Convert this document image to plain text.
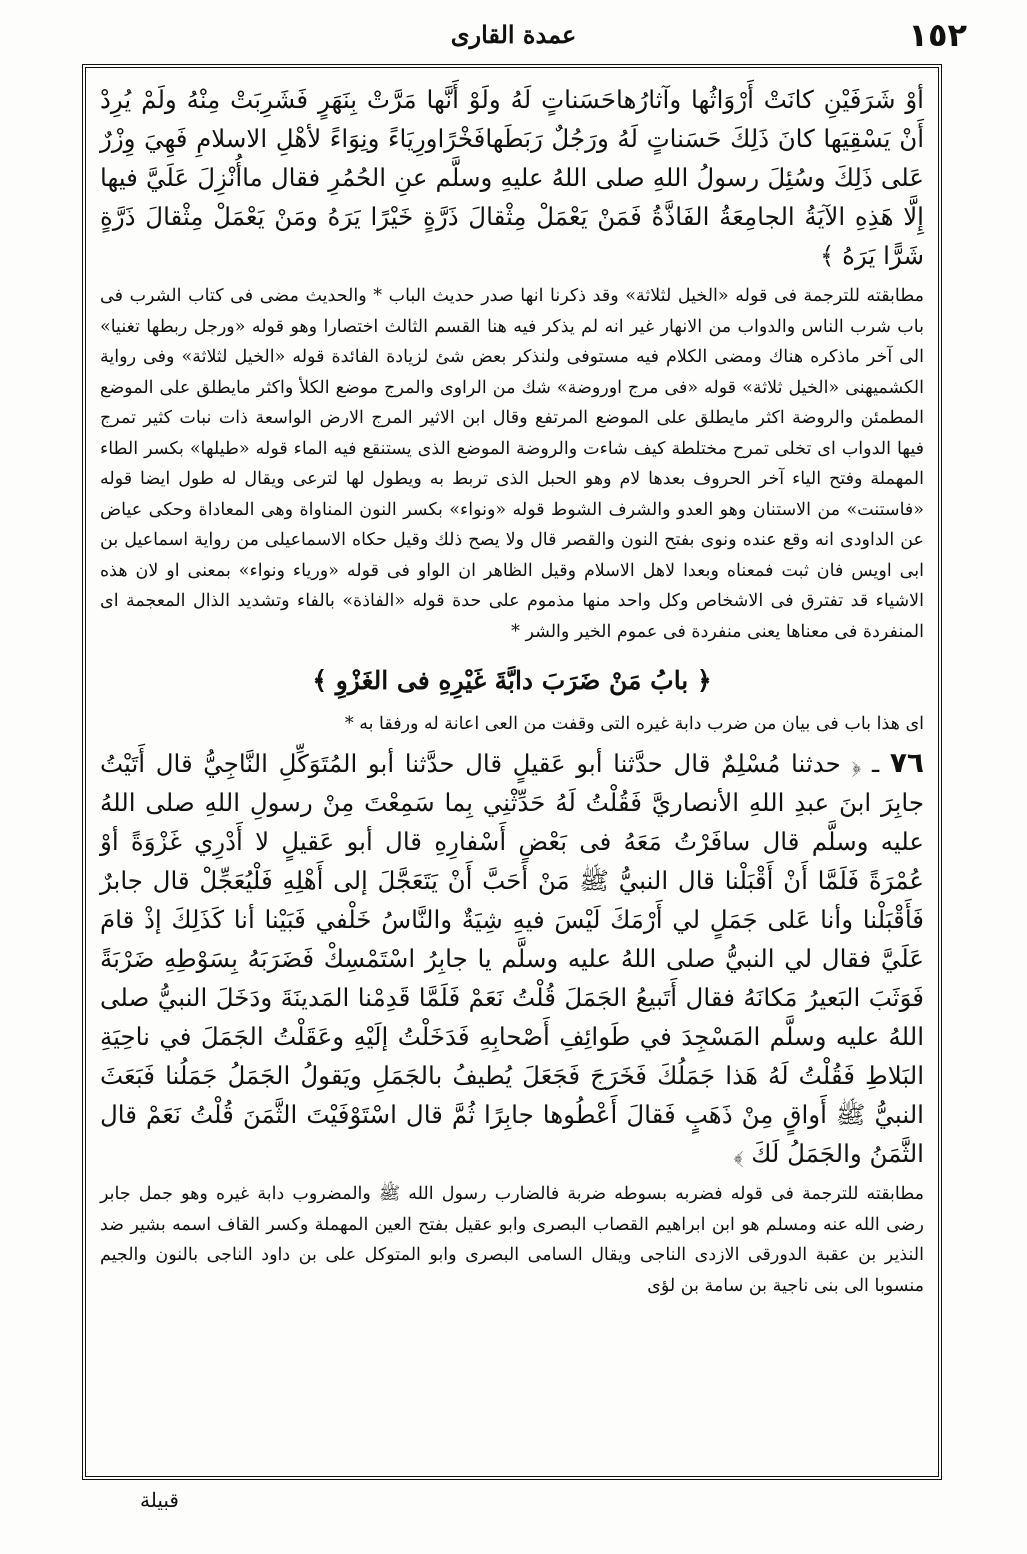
١٥٢
عمدة القارى

أوْ شَرَفَيْنِ كانَتْ أَرْوَاثُها وآثارُهاحَسَناتٍ لَهُ ولَوْ أَنَّها مَرَّتْ بِنَهَرٍ فَشَرِبَتْ مِنْهُ ولَمْ يُرِدْ أَنْ يَسْقِيَها كانَ ذَلِكَ حَسَناتٍ لَهُ ورَجُلٌ رَبَطَهافَخْرًاورِيَاءً ونِوَاءً لأهْلِ الاسلامِ فَهِيَ وِزْرٌ عَلى ذَلِكَ وسُئِلَ رسولُ اللهِ صلى اللهُ عليهِ وسلَّم عنِ الحُمُرِ فقال ماأُنْزِلَ عَلَيَّ فيها إِلَّا هَذِهِ الآيَةُ الجامِعَةُ الفَاذَّةُ فَمَنْ يَعْمَلْ مِثْقالَ ذَرَّةٍ خَيْرًا يَرَهُ ومَنْ يَعْمَلْ مِثْقالَ ذَرَّةٍ شَرًّا يَرَهُ ﴾

مطابقته للترجمة فى قوله «الخيل لثلاثة» وقد ذكرنا انها صدر حديث الباب * والحديث مضى فى كتاب الشرب فى باب شرب الناس والدواب من الانهار غير انه لم يذكر فيه هنا القسم الثالث اختصارا وهو قوله «ورجل ربطها تغنيا» الى آخر ماذكره هناك ومضى الكلام فيه مستوفى ولنذكر بعض شئ لزيادة الفائدة قوله «الخيل لثلاثة» وفى رواية الكشميهنى «الخيل ثلاثة» قوله «فى مرج اوروضة» شك من الراوى والمرج موضع الكلأ واكثر مايطلق على الموضع المطمئن والروضة اكثر مايطلق على الموضع المرتفع وقال ابن الاثير المرج الارض الواسعة ذات نبات كثير تمرج فيها الدواب اى تخلى تمرح مختلطة كيف شاءت والروضة الموضع الذى يستنقع فيه الماء قوله «طيلها» بكسر الطاء المهملة وفتح الياء آخر الحروف بعدها لام وهو الحبل الذى تربط به ويطول لها لترعى ويقال له طول ايضا قوله «فاستنت» من الاستنان وهو العدو والشرف الشوط قوله «ونواء» بكسر النون المناواة وهى المعاداة وحكى عياض عن الداودى انه وقع عنده ونوى بفتح النون والقصر قال ولا يصح ذلك وقيل حكاه الاسماعيلى من رواية اسماعيل بن ابى اويس فان ثبت فمعناه وبعدا لاهل الاسلام وقيل الظاهر ان الواو فى قوله «ورياء ونواء» بمعنى او لان هذه الاشياء قد تفترق فى الاشخاص وكل واحد منها مذموم على حدة قوله «الفاذة» بالفاء وتشديد الذال المعجمة اى المنفردة فى معناها يعنى منفردة فى عموم الخير والشر *

﴿ بابُ مَنْ ضَرَبَ دابَّةَ غَيْرِهِ فى الغَزْوِ ﴾

اى هذا باب فى بيان من ضرب دابة غيره التى وقفت من العى اعانة له ورفقا به *

٧٦ ـ ﴿ حدثنا مُسْلِمٌ قال حدَّثنا أبو عَقيلٍ قال حدَّثنا أبو المُتَوَكِّلِ النَّاجِيُّ قال أَتَيْتُ جابِرَ ابنَ عبدِ اللهِ الأنصاريَّ فَقُلْتُ لَهُ حَدِّثْنِي بِما سَمِعْتَ مِنْ رسولِ اللهِ صلى اللهُ عليه وسلَّم قال سافَرْتُ مَعَهُ فى بَعْضِ أَسْفارِهِ قال أبو عَقيلٍ لا أَدْرِي غَزْوَةً أوْ عُمْرَةً فَلَمَّا أَنْ أَقْبَلْنا قال النبيُّ ﷺ مَنْ أَحَبَّ أَنْ يَتَعَجَّلَ إلى أَهْلِهِ فَلْيُعَجِّلْ قال جابرٌ فَأَقْبَلْنا وأنا عَلى جَمَلٍ لي أَرْمَكَ لَيْسَ فيهِ شِيَةٌ والنَّاسُ خَلْفي فَبَيْنا أنا كَذَلِكَ إذْ قامَ عَلَيَّ فقال لي النبيُّ صلى اللهُ عليه وسلَّم يا جابِرُ اسْتَمْسِكْ فَضَرَبَهُ بِسَوْطِهِ ضَرْبَةً فَوَثَبَ البَعيرُ مَكانَهُ فقال أَتَبيعُ الجَمَلَ قُلْتُ نَعَمْ فَلَمَّا قَدِمْنا المَدينَةَ ودَخَلَ النبيُّ صلى اللهُ عليه وسلَّم المَسْجِدَ في طَوائِفِ أَصْحابِهِ فَدَخَلْتُ إلَيْهِ وعَقَلْتُ الجَمَلَ في ناحِيَةِ البَلاطِ فَقُلْتُ لَهُ هَذا جَمَلُكَ فَخَرَجَ فَجَعَلَ يُطيفُ بالجَمَلِ ويَقولُ الجَمَلُ جَمَلُنا فَبَعَثَ النبيُّ ﷺ أَواقٍ مِنْ ذَهَبٍ فَقالَ أَعْطُوها جابِرًا ثُمَّ قال اسْتَوْفَيْتَ الثَّمَنَ قُلْتُ نَعَمْ قال الثَّمَنُ والجَمَلُ لَكَ ﴾

مطابقته للترجمة فى قوله فضربه بسوطه ضربة فالضارب رسول الله ﷺ والمضروب دابة غيره وهو جمل جابر رضى الله عنه ومسلم هو ابن ابراهيم القصاب البصرى وابو عقيل بفتح العين المهملة وكسر القاف اسمه بشير ضد النذير بن عقبة الدورقى الازدى الناجى ويقال السامى البصرى وابو المتوكل على بن داود الناجى بالنون والجيم منسوبا الى بنى ناجية بن سامة بن لؤى

قبيلة
